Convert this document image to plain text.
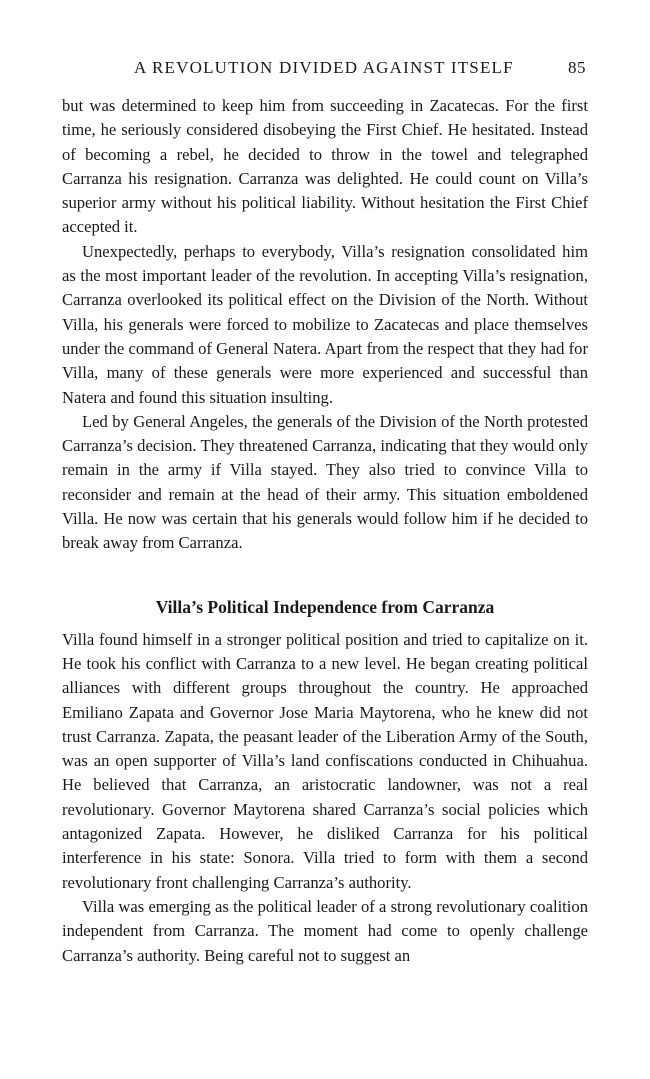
A REVOLUTION DIVIDED AGAINST ITSELF	85

but was determined to keep him from succeeding in Zacatecas. For the first time, he seriously considered disobeying the First Chief. He hesitated. Instead of becoming a rebel, he decided to throw in the towel and telegraphed Carranza his resignation. Carranza was delighted. He could count on Villa’s superior army without his political liability. Without hesitation the First Chief accepted it.

Unexpectedly, perhaps to everybody, Villa’s resignation consolidated him as the most important leader of the revolution. In accepting Villa’s resignation, Carranza overlooked its political effect on the Division of the North. Without Villa, his generals were forced to mobilize to Zacatecas and place themselves under the command of General Natera. Apart from the respect that they had for Villa, many of these generals were more experienced and successful than Natera and found this situation insulting.

Led by General Angeles, the generals of the Division of the North protested Carranza’s decision. They threatened Carranza, indicating that they would only remain in the army if Villa stayed. They also tried to convince Villa to reconsider and remain at the head of their army. This situation emboldened Villa. He now was certain that his generals would follow him if he decided to break away from Carranza.

Villa’s Political Independence from Carranza

Villa found himself in a stronger political position and tried to capitalize on it. He took his conflict with Carranza to a new level. He began creating political alliances with different groups throughout the country. He approached Emiliano Zapata and Governor Jose Maria Maytorena, who he knew did not trust Carranza. Zapata, the peasant leader of the Liberation Army of the South, was an open supporter of Villa’s land confiscations conducted in Chihuahua. He believed that Carranza, an aristocratic landowner, was not a real revolutionary. Governor Maytorena shared Carranza’s social policies which antagonized Zapata. However, he disliked Carranza for his political interference in his state: Sonora. Villa tried to form with them a second revolutionary front challenging Carranza’s authority.

Villa was emerging as the political leader of a strong revolutionary coalition independent from Carranza. The moment had come to openly challenge Carranza’s authority. Being careful not to suggest an
